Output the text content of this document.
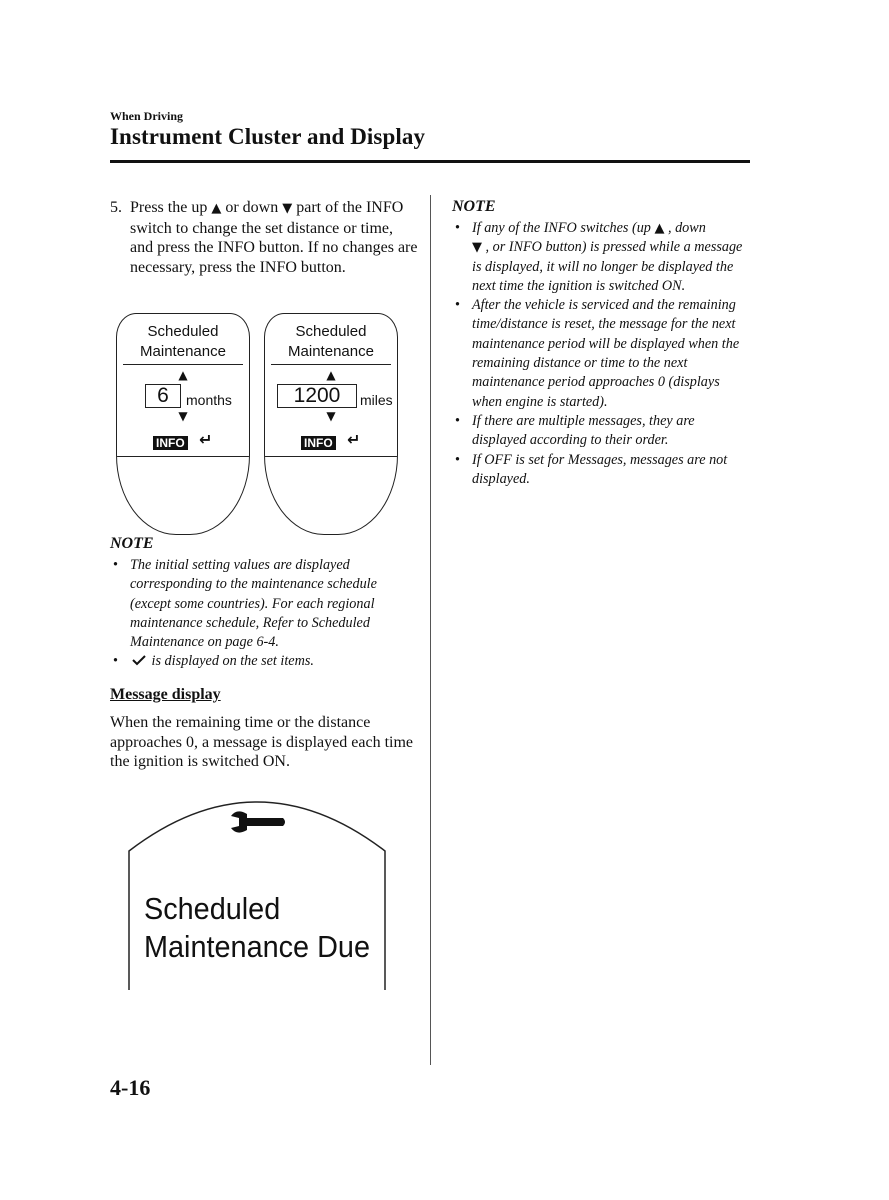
When Driving
Instrument Cluster and Display
5. Press the up ▲ or down ▼ part of the INFO switch to change the set distance or time, and press the INFO button. If no changes are necessary, press the INFO button.
Scheduled
Maintenance
▲
6	months
▼
INFO ↵
Scheduled
Maintenance
▲
1200	miles
▼
INFO ↵
NOTE
• The initial setting values are displayed corresponding to the maintenance schedule (except some countries). For each regional maintenance schedule, Refer to Scheduled Maintenance on page 6-4.
• is displayed on the set items.
Message display
When the remaining time or the distance approaches 0, a message is displayed each time the ignition is switched ON.
Scheduled
Maintenance Due
NOTE
• If any of the INFO switches (up ▲ , down
▼ , or INFO button) is pressed while a message is displayed, it will no longer be displayed the next time the ignition is switched ON.
• After the vehicle is serviced and the remaining time/distance is reset, the message for the next maintenance period will be displayed when the remaining distance or time to the next maintenance period approaches 0 (displays when engine is started).
• If there are multiple messages, they are displayed according to their order.
• If OFF is set for Messages, messages are not displayed.
4-16
